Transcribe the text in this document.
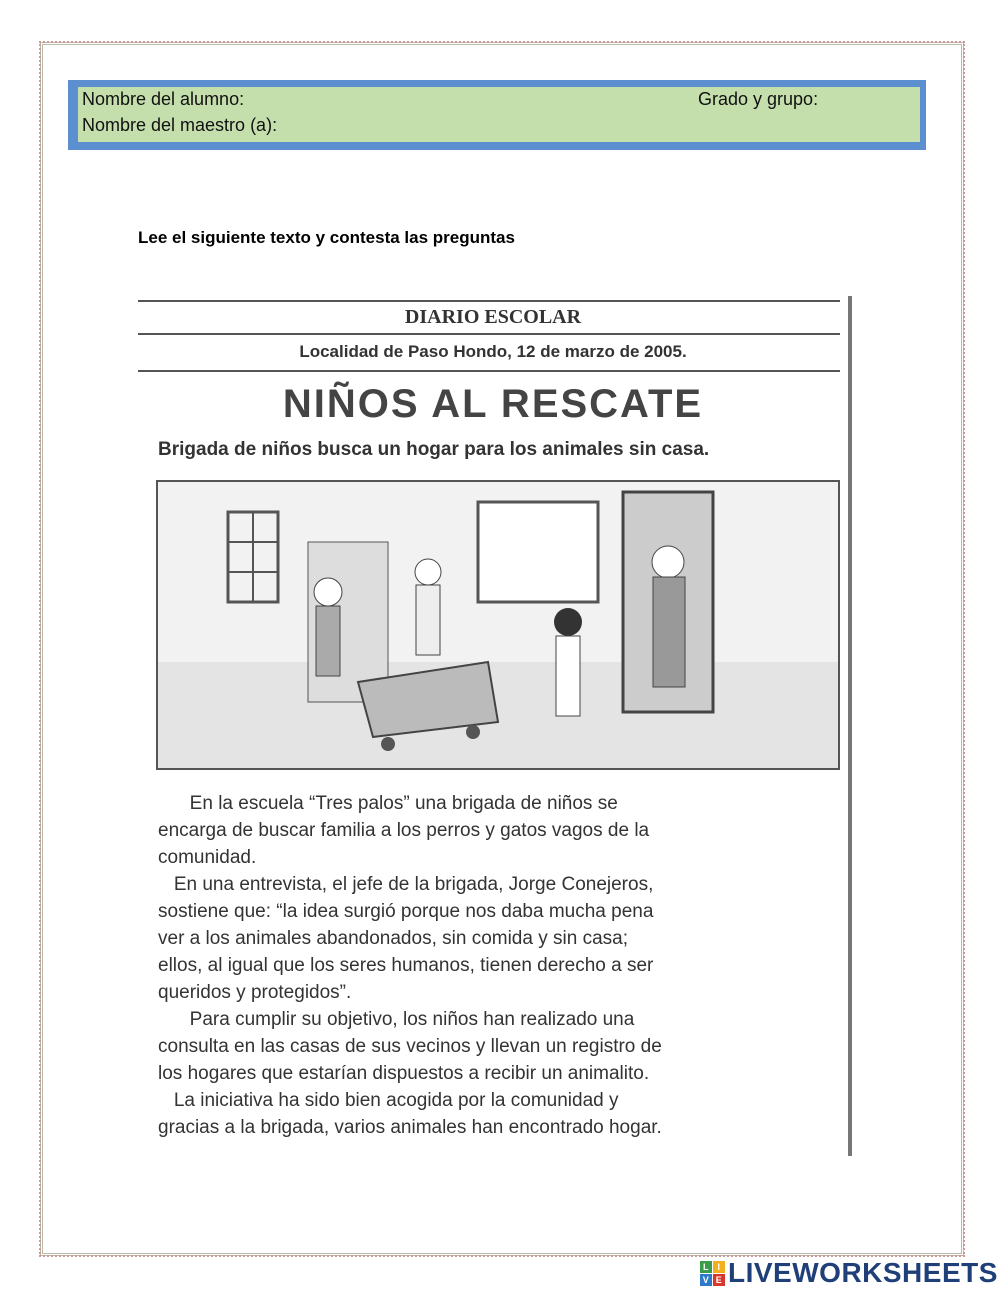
Nombre del alumno:	Grado y grupo:
Nombre del maestro (a):
Lee el siguiente texto y contesta las preguntas
DIARIO ESCOLAR
Localidad de Paso Hondo, 12 de marzo de 2005.
NIÑOS AL RESCATE
Brigada de niños busca un hogar para los animales sin casa.
En la escuela “Tres palos” una brigada de niños se
encarga de buscar familia a los perros y gatos vagos de la
comunidad.
En una entrevista, el jefe de la brigada, Jorge Conejeros,
sostiene que: “la idea surgió porque nos daba mucha pena
ver a los animales abandonados, sin comida y sin casa;
ellos, al igual que los seres humanos, tienen derecho a ser
queridos y protegidos”.
Para cumplir su objetivo, los niños han realizado una
consulta en las casas de sus vecinos y llevan un registro de
los hogares que estarían dispuestos a recibir un animalito.
La iniciativa ha sido bien acogida por la comunidad y
gracias a la brigada, varios animales han encontrado hogar.
L I
V E LIVEWORKSHEETS
